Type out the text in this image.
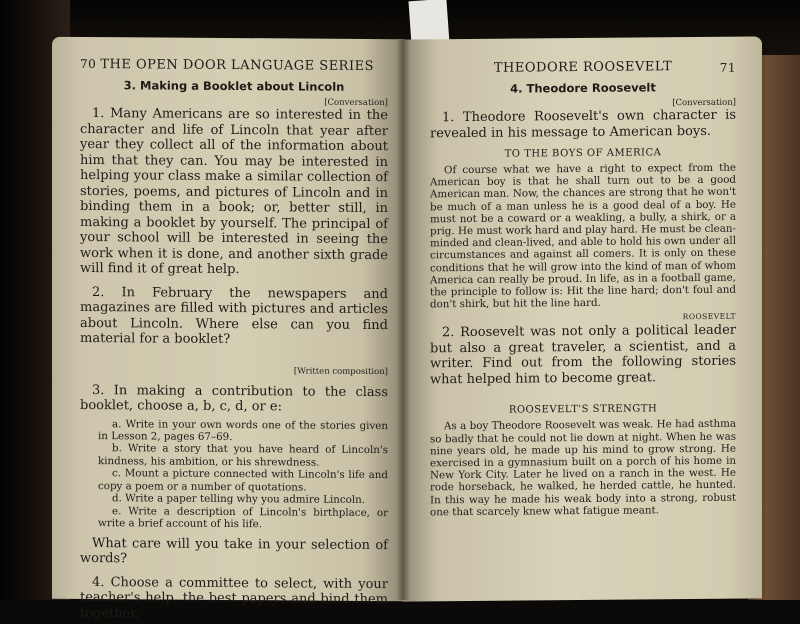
70 THE OPEN DOOR LANGUAGE SERIES
3. Making a Booklet about Lincoln
[Conversation]

1. Many Americans are so interested in the character and life of Lincoln that year after year they collect all of the information about him that they can. You may be interested in helping your class make a similar collection of stories, poems, and pictures of Lincoln and in binding them in a book; or, better still, in making a booklet by yourself. The principal of your school will be interested in seeing the work when it is done, and another sixth grade will find it of great help.

2. In February the newspapers and magazines are filled with pictures and articles about Lincoln. Where else can you find material for a booklet?

[Written composition]

3. In making a contribution to the class booklet, choose a, b, c, d, or e:

a. Write in your own words one of the stories given in Lesson 2, pages 67–69.

b. Write a story that you have heard of Lincoln's kindness, his ambition, or his shrewdness.

c. Mount a picture connected with Lincoln's life and copy a poem or a number of quotations.

d. Write a paper telling why you admire Lincoln.

e. Write a description of Lincoln's birthplace, or write a brief account of his life.

What care will you take in your selection of words?

4. Choose a committee to select, with your teacher's help, the best papers and bind them together.

THEODORE ROOSEVELT	71
4. Theodore Roosevelt
[Conversation]

1. Theodore Roosevelt's own character is revealed in his message to American boys.

TO THE BOYS OF AMERICA

Of course what we have a right to expect from the American boy is that he shall turn out to be a good American man. Now, the chances are strong that he won't be much of a man unless he is a good deal of a boy. He must not be a coward or a weakling, a bully, a shirk, or a prig. He must work hard and play hard. He must be clean-minded and clean-lived, and able to hold his own under all circumstances and against all comers. It is only on these conditions that he will grow into the kind of man of whom America can really be proud. In life, as in a football game, the principle to follow is: Hit the line hard; don't foul and don't shirk, but hit the line hard.

ROOSEVELT

2. Roosevelt was not only a political leader but also a great traveler, a scientist, and a writer. Find out from the following stories what helped him to become great.

ROOSEVELT'S STRENGTH

As a boy Theodore Roosevelt was weak. He had asthma so badly that he could not lie down at night. When he was nine years old, he made up his mind to grow strong. He exercised in a gymnasium built on a porch of his home in New York City. Later he lived on a ranch in the west. He rode horseback, he walked, he herded cattle, he hunted. In this way he made his weak body into a strong, robust one that scarcely knew what fatigue meant.
